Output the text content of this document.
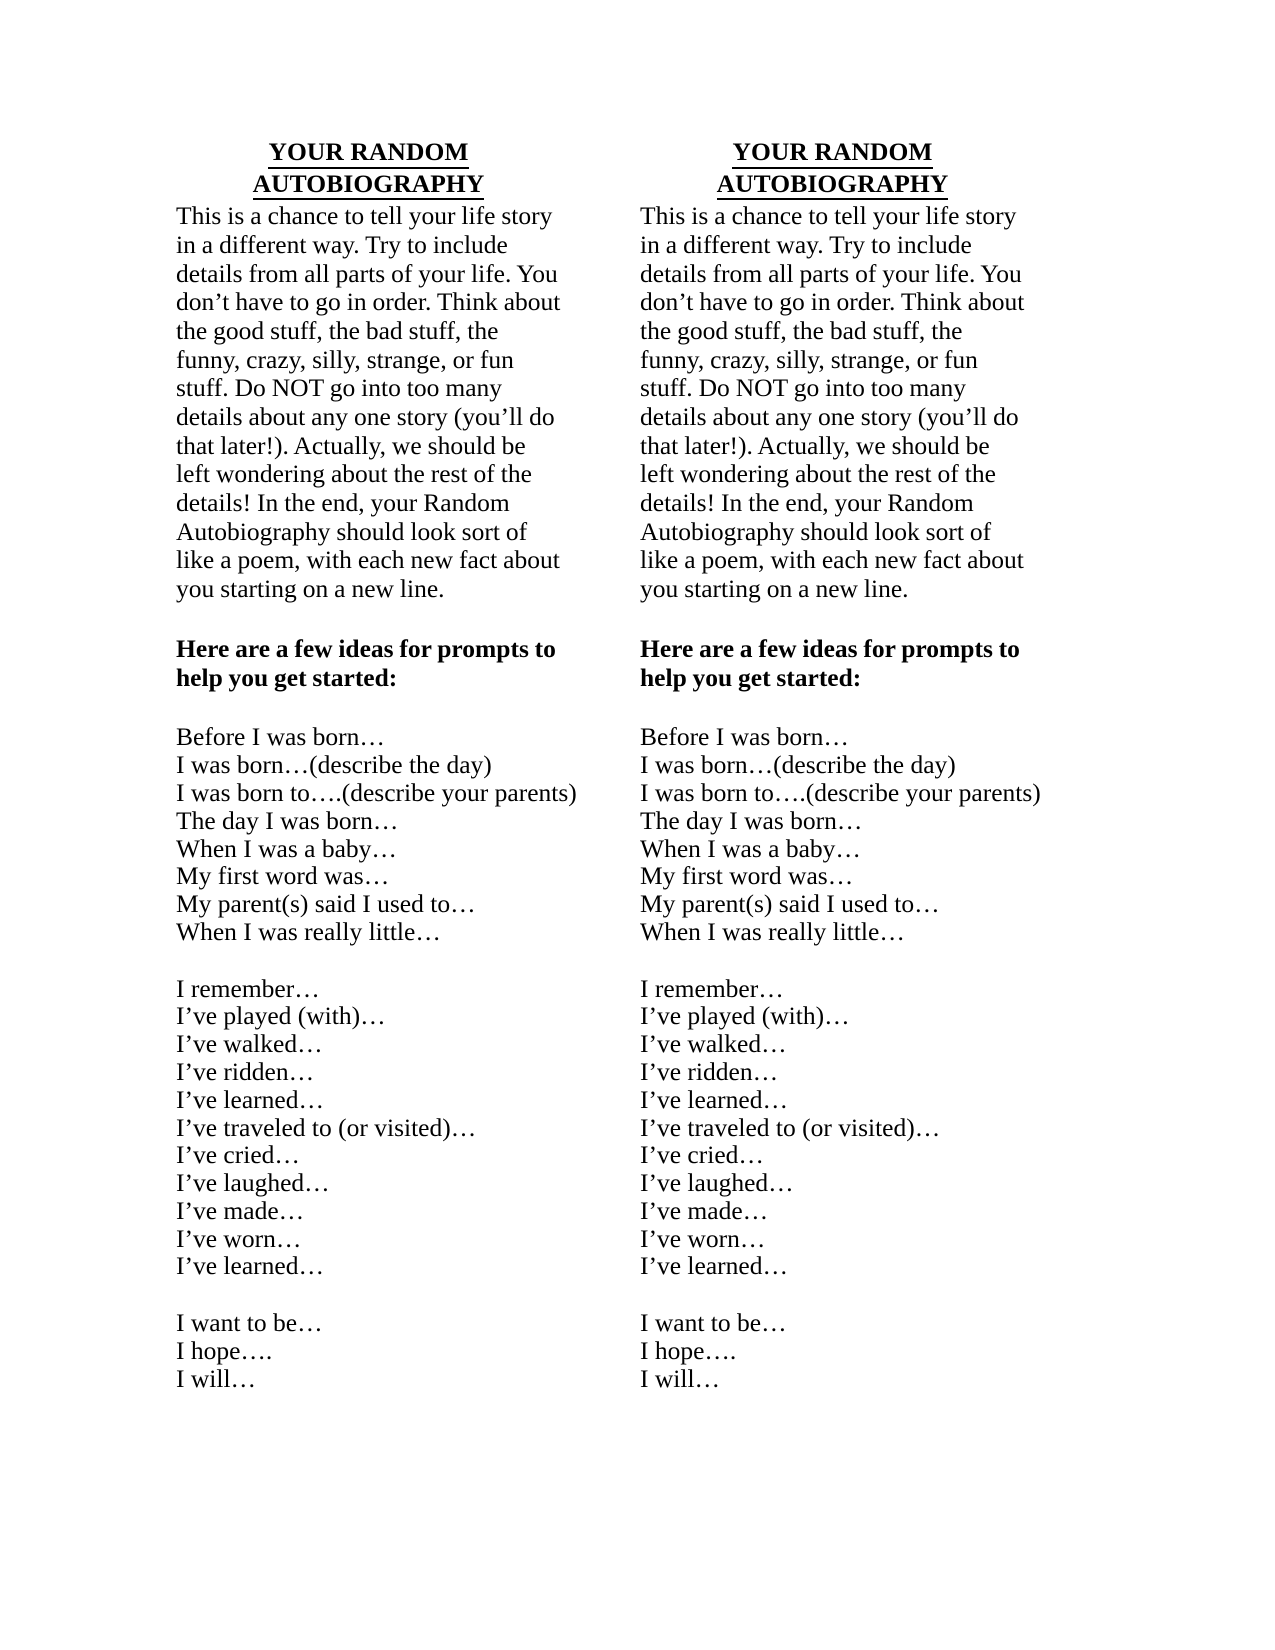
YOUR RANDOM
AUTOBIOGRAPHY

This is a chance to tell your life story in a different way. Try to include details from all parts of your life. You don’t have to go in order. Think about the good stuff, the bad stuff, the funny, crazy, silly, strange, or fun stuff. Do NOT go into too many details about any one story (you’ll do that later!). Actually, we should be left wondering about the rest of the details! In the end, your Random Autobiography should look sort of like a poem, with each new fact about you starting on a new line.

Here are a few ideas for prompts to help you get started:

Before I was born…
I was born…(describe the day)
I was born to….(describe your parents)
The day I was born…
When I was a baby…
My first word was…
My parent(s) said I used to…
When I was really little…
I remember…
I’ve played (with)…
I’ve walked…
I’ve ridden…
I’ve learned…
I’ve traveled to (or visited)…
I’ve cried…
I’ve laughed…
I’ve made…
I’ve worn…
I’ve learned…
I want to be…
I hope….
I will…
YOUR RANDOM
AUTOBIOGRAPHY

This is a chance to tell your life story in a different way. Try to include details from all parts of your life. You don’t have to go in order. Think about the good stuff, the bad stuff, the funny, crazy, silly, strange, or fun stuff. Do NOT go into too many details about any one story (you’ll do that later!). Actually, we should be left wondering about the rest of the details! In the end, your Random Autobiography should look sort of like a poem, with each new fact about you starting on a new line.

Here are a few ideas for prompts to help you get started:

Before I was born…
I was born…(describe the day)
I was born to….(describe your parents)
The day I was born…
When I was a baby…
My first word was…
My parent(s) said I used to…
When I was really little…
I remember…
I’ve played (with)…
I’ve walked…
I’ve ridden…
I’ve learned…
I’ve traveled to (or visited)…
I’ve cried…
I’ve laughed…
I’ve made…
I’ve worn…
I’ve learned…
I want to be…
I hope….
I will…
